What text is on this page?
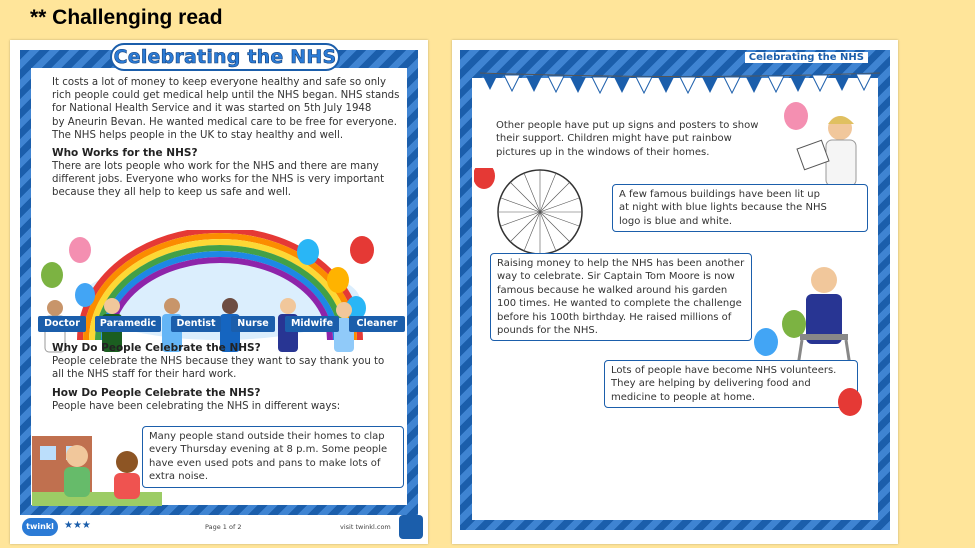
** Challenging read
Celebrating the NHS
It costs a lot of money to keep everyone healthy and safe so only
rich people could get medical help until the NHS began. NHS stands
for National Health Service and it was started on 5th July 1948
by Aneurin Bevan. He wanted medical care to be free for everyone.
The NHS helps people in the UK to stay healthy and well.
Who Works for the NHS?
There are lots people who work for the NHS and there are many
different jobs. Everyone who works for the NHS is very important
because they all help to keep us safe and well.
Doctor	Paramedic	Dentist	Nurse	Midwife	Cleaner
Why Do People Celebrate the NHS?
People celebrate the NHS because they want to say thank you to
all the NHS staff for their hard work.
How Do People Celebrate the NHS?
People have been celebrating the NHS in different ways:
Many people stand outside their homes to clap
every Thursday evening at 8 p.m. Some people
have even used pots and pans to make lots of
extra noise.
twinkl	★★★	Page 1 of 2	visit twinkl.com
Celebrating the NHS
Other people have put up signs and posters to show
their support. Children might have put rainbow
pictures up in the windows of their homes.
A few famous buildings have been lit up
at night with blue lights because the NHS
logo is blue and white.
Raising money to help the NHS has been another
way to celebrate. Sir Captain Tom Moore is now
famous because he walked around his garden
100 times. He wanted to complete the challenge
before his 100th birthday. He raised millions of
pounds for the NHS.
Lots of people have become NHS volunteers.
They are helping by delivering food and
medicine to people at home.
